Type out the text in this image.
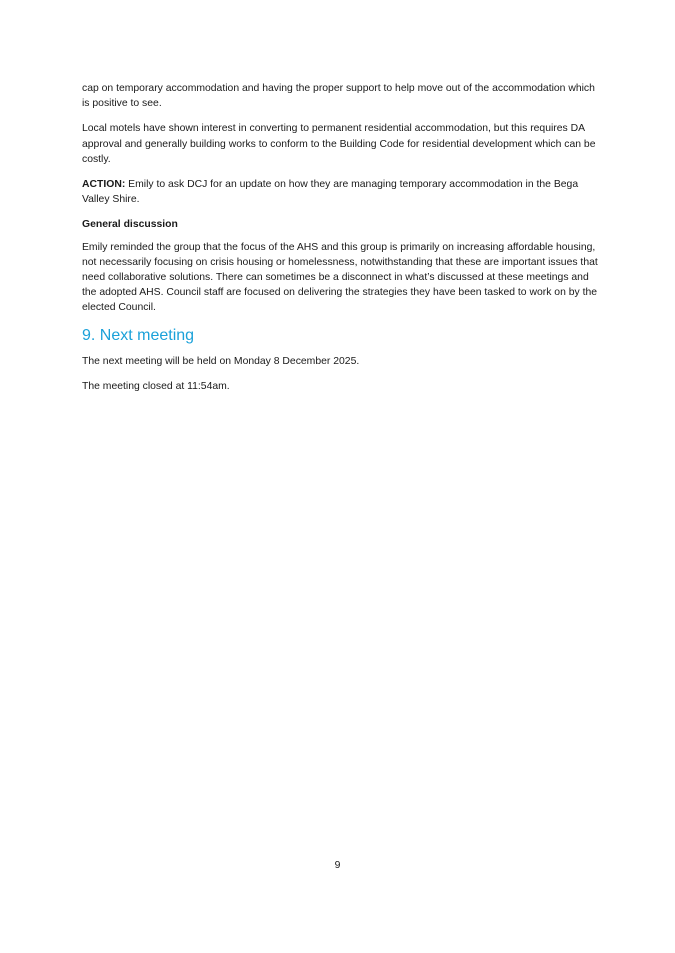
cap on temporary accommodation and having the proper support to help move out of the accommodation which is positive to see.

Local motels have shown interest in converting to permanent residential accommodation, but this requires DA approval and generally building works to conform to the Building Code for residential development which can be costly.

ACTION: Emily to ask DCJ for an update on how they are managing temporary accommodation in the Bega Valley Shire.

General discussion

Emily reminded the group that the focus of the AHS and this group is primarily on increasing affordable housing, not necessarily focusing on crisis housing or homelessness, notwithstanding that these are important issues that need collaborative solutions. There can sometimes be a disconnect in what’s discussed at these meetings and the adopted AHS. Council staff are focused on delivering the strategies they have been tasked to work on by the elected Council.

9. Next meeting

The next meeting will be held on Monday 8 December 2025.

The meeting closed at 11:54am.

9
